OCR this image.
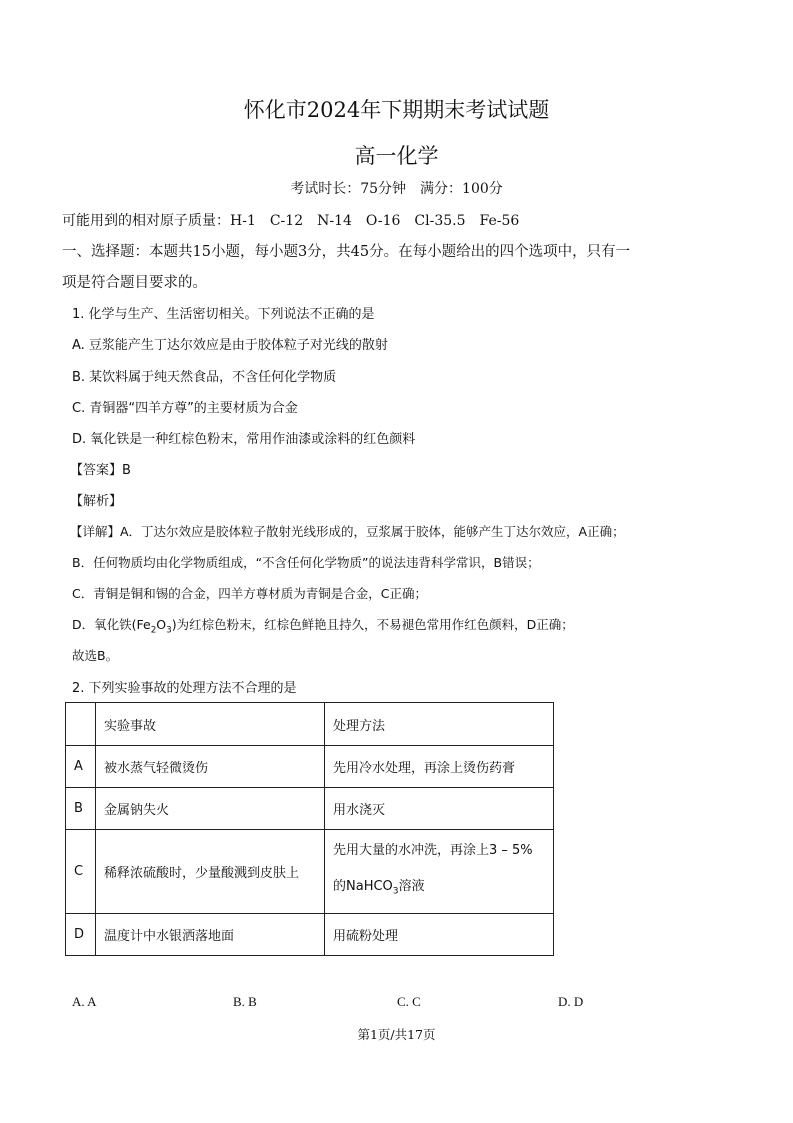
怀化市2024年下期期末考试试题
高一化学
考试时长：75分钟　满分：100分
可能用到的相对原子质量：H-1　C-12　N-14　O-16　Cl-35.5　Fe-56
一、选择题：本题共15小题，每小题3分，共45分。在每小题给出的四个选项中，只有一
项是符合题目要求的。
1. 化学与生产、生活密切相关。下列说法不正确的是
A. 豆浆能产生丁达尔效应是由于胶体粒子对光线的散射
B. 某饮料属于纯天然食品，不含任何化学物质
C. 青铜器“四羊方尊”的主要材质为合金
D. 氧化铁是一种红棕色粉末，常用作油漆或涂料的红色颜料
【答案】B
【解析】
【详解】A．丁达尔效应是胶体粒子散射光线形成的，豆浆属于胶体，能够产生丁达尔效应，A正确；
B．任何物质均由化学物质组成，“不含任何化学物质”的说法违背科学常识，B错误；
C．青铜是铜和锡的合金，四羊方尊材质为青铜是合金，C正确；
D．氧化铁$(Fe_2O_3)$为红棕色粉末，红棕色鲜艳且持久，不易褪色常用作红色颜料，D正确；
故选B。
2. 下列实验事故的处理方法不合理的是
	实验事故	处理方法
A	被水蒸气轻微烫伤	先用冷水处理，再涂上烫伤药膏
B	金属钠失火	用水浇灭
C	稀释浓硫酸时，少量酸溅到皮肤上	先用大量的水冲洗，再涂上3 – 5%
的NaHCO$_3$溶液

D	温度计中水银洒落地面	用硫粉处理
A. A	B. B	C. C	D. D
第1页/共17页
